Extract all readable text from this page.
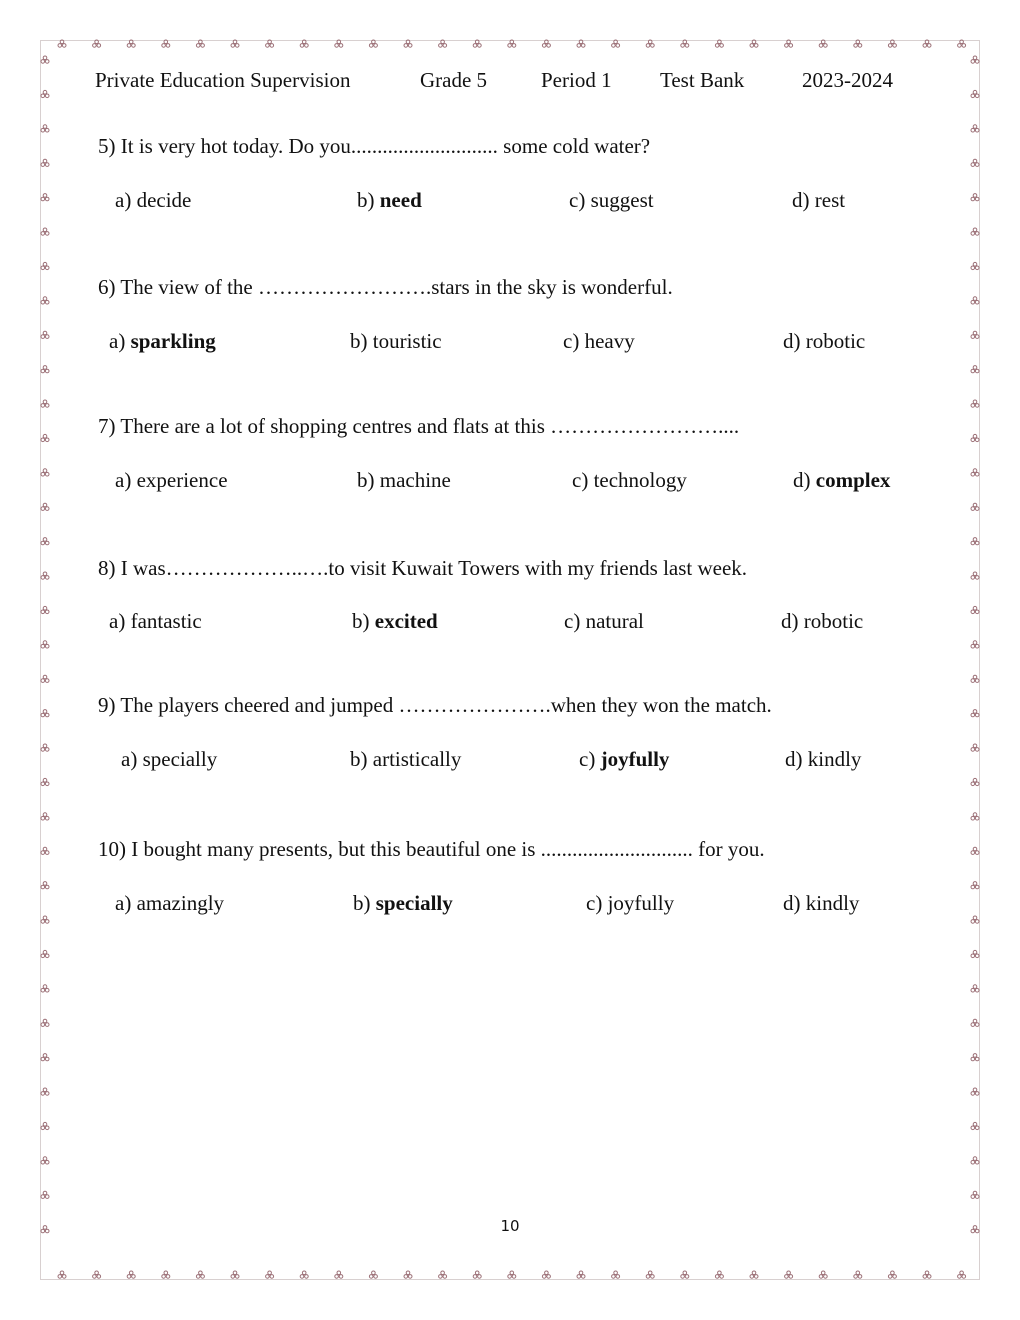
Private Education Supervision	Grade 5	Period 1 Test Bank	2023-2024
5) It is very hot today. Do you............................ some cold water?
a) decide	b) need	c) suggest	d) rest
6) The view of the …………………….stars in the sky is wonderful.
a) sparkling	b) touristic	c) heavy	d) robotic
7) There are a lot of shopping centres and flats at this ……………………....
a) experience	b) machine	c) technology	d) complex
8) I was………………..….to visit Kuwait Towers with my friends last week.
a) fantastic	b) excited	c) natural	d) robotic
9) The players cheered and jumped ………………….when they won the match.
a) specially	b) artistically	c) joyfully	d) kindly
10) I bought many presents, but this beautiful one is ............................. for you.
a) amazingly	b) specially	c) joyfully	d) kindly
10
